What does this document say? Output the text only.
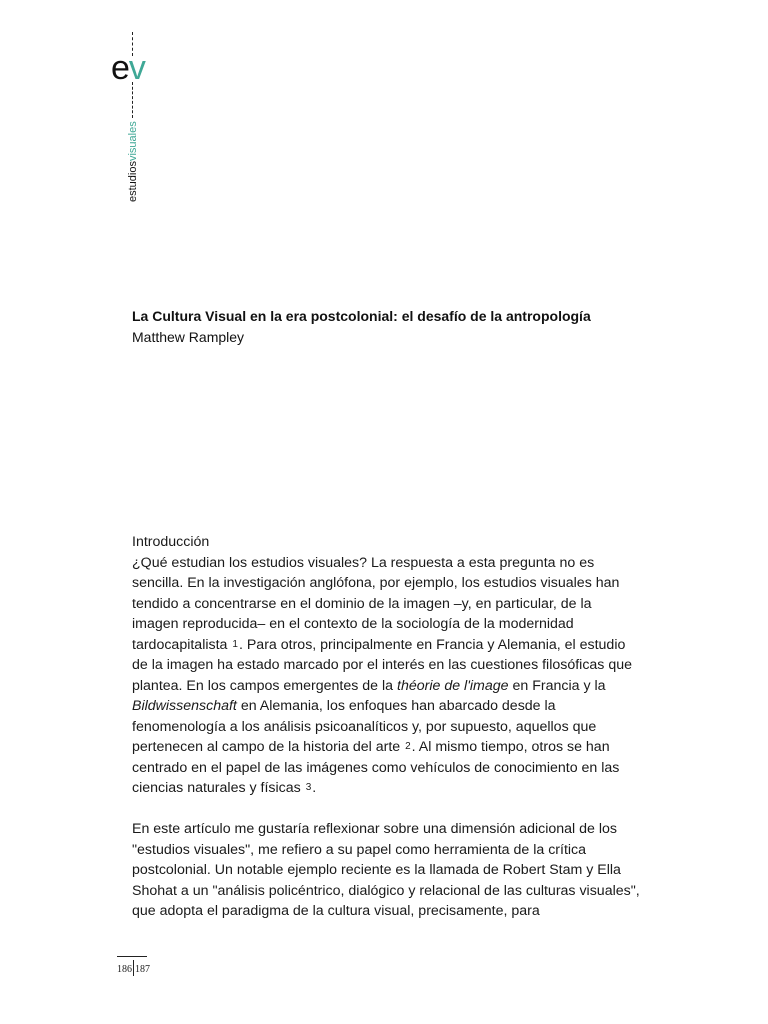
ev
estudiosvisuales
La Cultura Visual en la era postcolonial: el desafío de la antropología
Matthew Rampley

Introducción
¿Qué estudian los estudios visuales? La respuesta a esta pregunta no es sencilla. En la investigación anglófona, por ejemplo, los estudios visuales han tendido a concentrarse en el dominio de la imagen –y, en particular, de la imagen reproducida– en el contexto de la sociología de la modernidad tardocapitalista 1. Para otros, principalmente en Francia y Alemania, el estudio de la imagen ha estado marcado por el interés en las cuestiones filosóficas que plantea. En los campos emergentes de la théorie de l'image en Francia y la Bildwissenschaft en Alemania, los enfoques han abarcado desde la fenomenología a los análisis psicoanalíticos y, por supuesto, aquellos que pertenecen al campo de la historia del arte 2. Al mismo tiempo, otros se han centrado en el papel de las imágenes como vehículos de conocimiento en las ciencias naturales y físicas 3.

En este artículo me gustaría reflexionar sobre una dimensión adicional de los "estudios visuales", me refiero a su papel como herramienta de la crítica postcolonial. Un notable ejemplo reciente es la llamada de Robert Stam y Ella Shohat a un "análisis policéntrico, dialógico y relacional de las culturas visuales", que adopta el paradigma de la cultura visual, precisamente, para

186 187
